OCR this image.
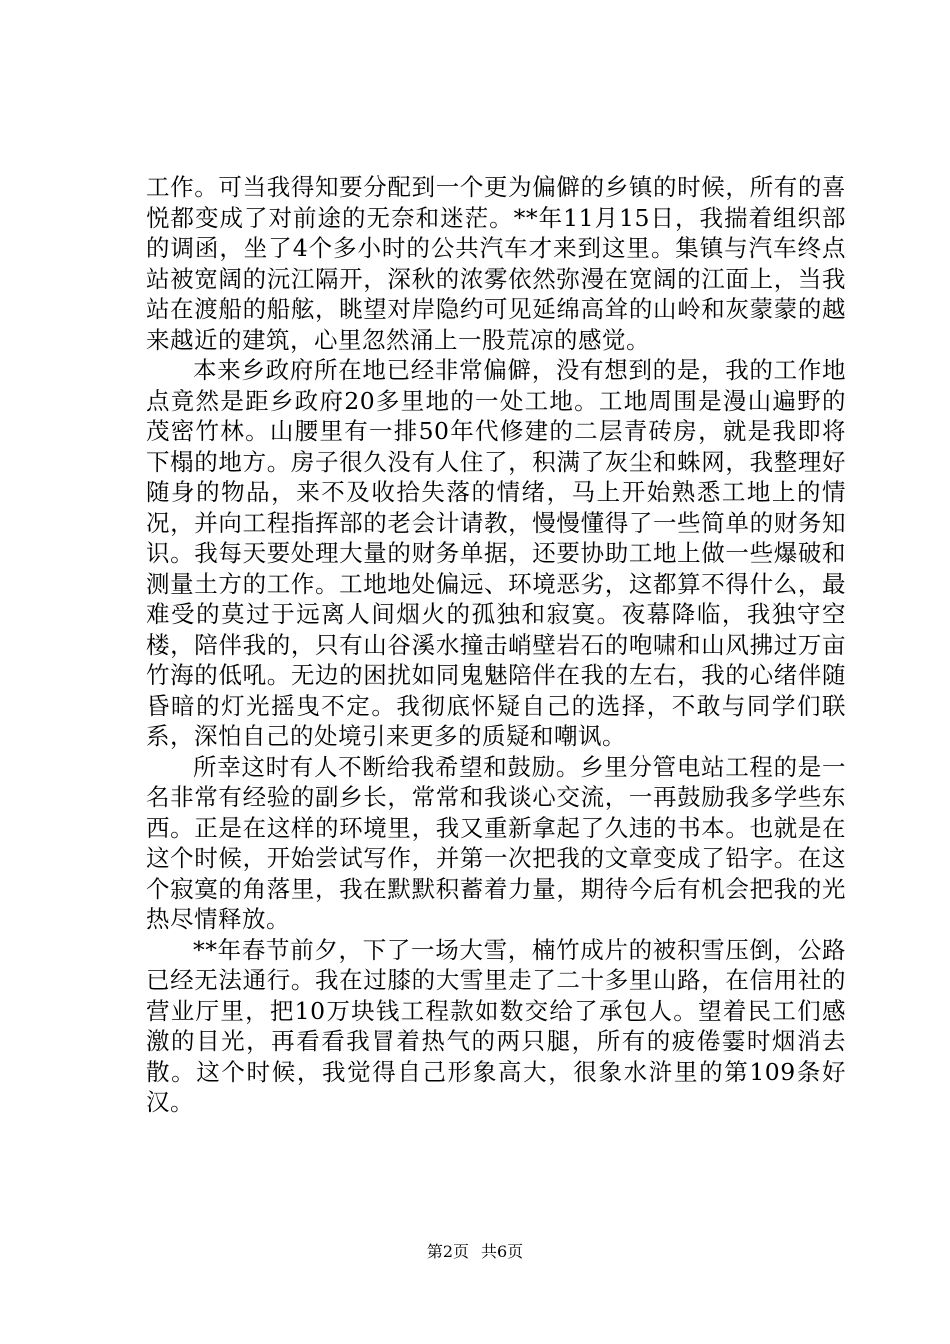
工作。可当我得知要分配到一个更为偏僻的乡镇的时候，所有的喜悦都变成了对前途的无奈和迷茫。**年11月15日，我揣着组织部的调函，坐了4个多小时的公共汽车才来到这里。集镇与汽车终点站被宽阔的沅江隔开，深秋的浓雾依然弥漫在宽阔的江面上，当我站在渡船的船舷，眺望对岸隐约可见延绵高耸的山岭和灰蒙蒙的越来越近的建筑，心里忽然涌上一股荒凉的感觉。

本来乡政府所在地已经非常偏僻，没有想到的是，我的工作地点竟然是距乡政府20多里地的一处工地。工地周围是漫山遍野的茂密竹林。山腰里有一排50年代修建的二层青砖房，就是我即将下榻的地方。房子很久没有人住了，积满了灰尘和蛛网，我整理好随身的物品，来不及收拾失落的情绪，马上开始熟悉工地上的情况，并向工程指挥部的老会计请教，慢慢懂得了一些简单的财务知识。我每天要处理大量的财务单据，还要协助工地上做一些爆破和测量土方的工作。工地地处偏远、环境恶劣，这都算不得什么，最难受的莫过于远离人间烟火的孤独和寂寞。夜幕降临，我独守空楼，陪伴我的，只有山谷溪水撞击峭壁岩石的咆啸和山风拂过万亩竹海的低吼。无边的困扰如同鬼魅陪伴在我的左右，我的心绪伴随昏暗的灯光摇曳不定。我彻底怀疑自己的选择，不敢与同学们联系，深怕自己的处境引来更多的质疑和嘲讽。

所幸这时有人不断给我希望和鼓励。乡里分管电站工程的是一名非常有经验的副乡长，常常和我谈心交流，一再鼓励我多学些东西。正是在这样的环境里，我又重新拿起了久违的书本。也就是在这个时候，开始尝试写作，并第一次把我的文章变成了铅字。在这个寂寞的角落里，我在默默积蓄着力量，期待今后有机会把我的光热尽情释放。

**年春节前夕，下了一场大雪，楠竹成片的被积雪压倒，公路已经无法通行。我在过膝的大雪里走了二十多里山路，在信用社的营业厅里，把10万块钱工程款如数交给了承包人。望着民工们感激的目光，再看看我冒着热气的两只腿，所有的疲倦霎时烟消去散。这个时候，我觉得自己形象高大，很象水浒里的第109条好汉。

第2页 共6页
